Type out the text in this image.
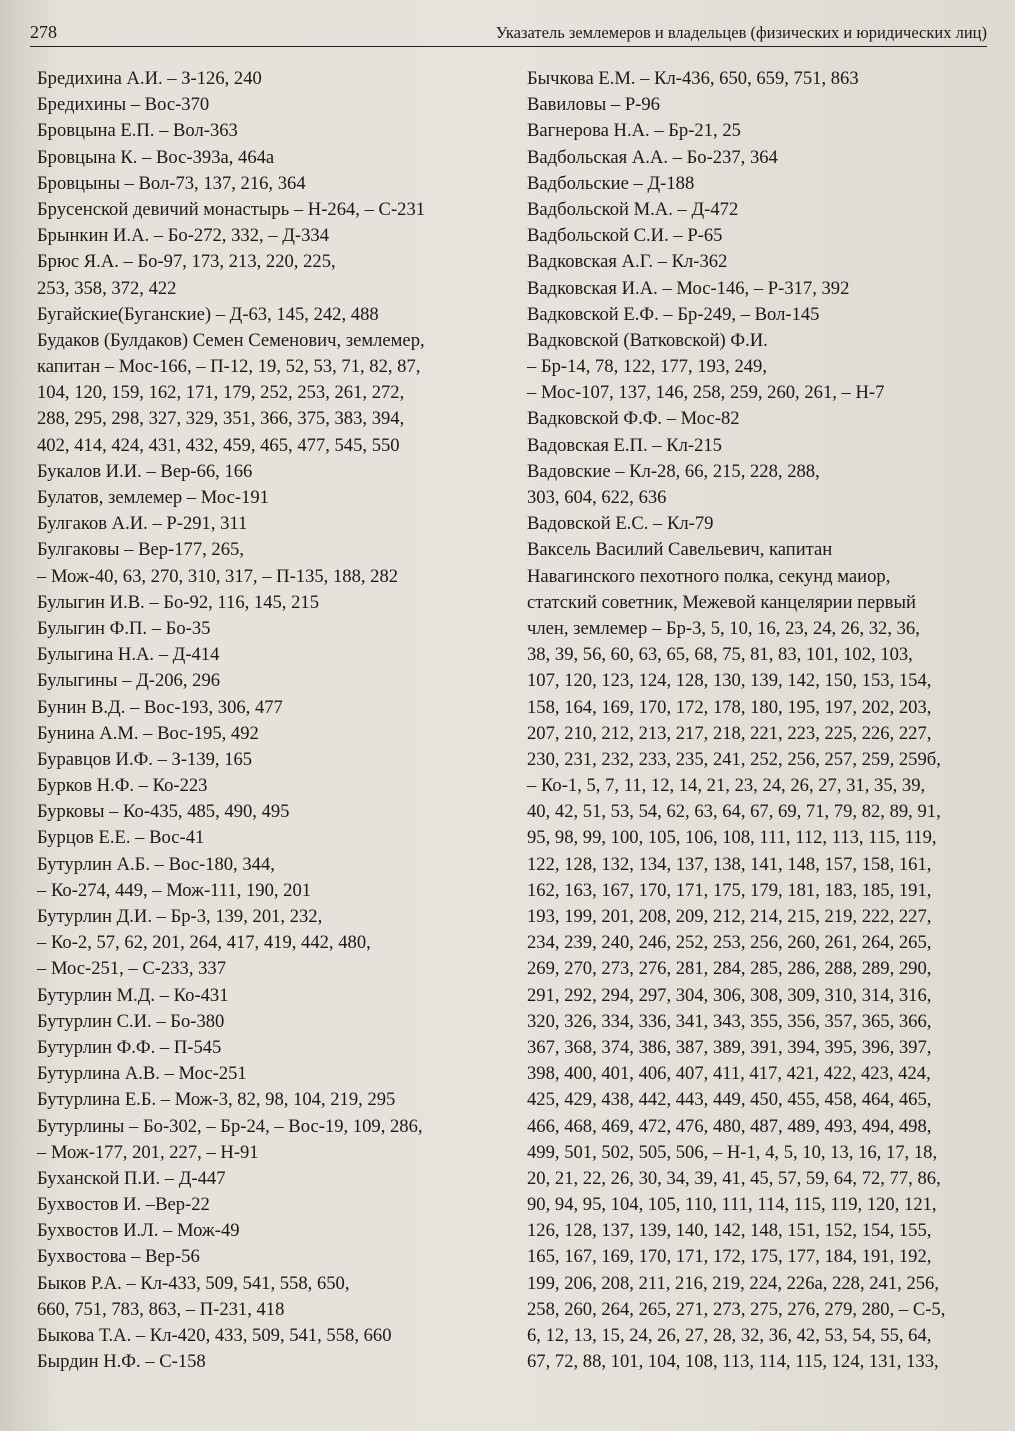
278	Указатель землемеров и владельцев (физических и юридических лиц)
Бредихина А.И. – З-126, 240
Бредихины – Вос-370
Бровцына Е.П. – Вол-363
Бровцына К. – Вос-393а, 464а
Бровцыны – Вол-73, 137, 216, 364
Брусенской девичий монастырь – Н-264, – С-231
Брынкин И.А. – Бо-272, 332, – Д-334
Брюс Я.А. – Бо-97, 173, 213, 220, 225,
253, 358, 372, 422
Бугайские(Буганские) – Д-63, 145, 242, 488
Будаков (Булдаков) Семен Семенович, землемер,
капитан – Мос-166, – П-12, 19, 52, 53, 71, 82, 87,
104, 120, 159, 162, 171, 179, 252, 253, 261, 272,
288, 295, 298, 327, 329, 351, 366, 375, 383, 394,
402, 414, 424, 431, 432, 459, 465, 477, 545, 550
Букалов И.И. – Вер-66, 166
Булатов, землемер – Мос-191
Булгаков А.И. – Р-291, 311
Булгаковы – Вер-177, 265,
– Мож-40, 63, 270, 310, 317, – П-135, 188, 282
Булыгин И.В. – Бо-92, 116, 145, 215
Булыгин Ф.П. – Бо-35
Булыгина Н.А. – Д-414
Булыгины – Д-206, 296
Бунин В.Д. – Вос-193, 306, 477
Бунина А.М. – Вос-195, 492
Буравцов И.Ф. – З-139, 165
Бурков Н.Ф. – Ко-223
Бурковы – Ко-435, 485, 490, 495
Бурцов Е.Е. – Вос-41
Бутурлин А.Б. – Вос-180, 344,
– Ко-274, 449, – Мож-111, 190, 201
Бутурлин Д.И. – Бр-3, 139, 201, 232,
– Ко-2, 57, 62, 201, 264, 417, 419, 442, 480,
– Мос-251, – С-233, 337
Бутурлин М.Д. – Ко-431
Бутурлин С.И. – Бо-380
Бутурлин Ф.Ф. – П-545
Бутурлина А.В. – Мос-251
Бутурлина Е.Б. – Мож-3, 82, 98, 104, 219, 295
Бутурлины – Бо-302, – Бр-24, – Вос-19, 109, 286,
– Мож-177, 201, 227, – Н-91
Буханской П.И. – Д-447
Бухвостов И. –Вер-22
Бухвостов И.Л. – Мож-49
Бухвостова – Вер-56
Быков Р.А. – Кл-433, 509, 541, 558, 650,
660, 751, 783, 863, – П-231, 418
Быкова Т.А. – Кл-420, 433, 509, 541, 558, 660
Бырдин Н.Ф. – С-158
Бычкова Е.М. – Кл-436, 650, 659, 751, 863
Вавиловы – Р-96
Вагнерова Н.А. – Бр-21, 25
Вадбольская А.А. – Бо-237, 364
Вадбольские – Д-188
Вадбольской М.А. – Д-472
Вадбольской С.И. – Р-65
Вадковская А.Г. – Кл-362
Вадковская И.А. – Мос-146, – Р-317, 392
Вадковской Е.Ф. – Бр-249, – Вол-145
Вадковской (Ватковской) Ф.И.
– Бр-14, 78, 122, 177, 193, 249,
– Мос-107, 137, 146, 258, 259, 260, 261, – Н-7
Вадковской Ф.Ф. – Мос-82
Вадовская Е.П. – Кл-215
Вадовские – Кл-28, 66, 215, 228, 288,
303, 604, 622, 636
Вадовской Е.С. – Кл-79
Ваксель Василий Савельевич, капитан
Навагинского пехотного полка, секунд маиор,
статский советник, Межевой канцелярии первый
член, землемер – Бр-3, 5, 10, 16, 23, 24, 26, 32, 36,
38, 39, 56, 60, 63, 65, 68, 75, 81, 83, 101, 102, 103,
107, 120, 123, 124, 128, 130, 139, 142, 150, 153, 154,
158, 164, 169, 170, 172, 178, 180, 195, 197, 202, 203,
207, 210, 212, 213, 217, 218, 221, 223, 225, 226, 227,
230, 231, 232, 233, 235, 241, 252, 256, 257, 259, 259б,
– Ко-1, 5, 7, 11, 12, 14, 21, 23, 24, 26, 27, 31, 35, 39,
40, 42, 51, 53, 54, 62, 63, 64, 67, 69, 71, 79, 82, 89, 91,
95, 98, 99, 100, 105, 106, 108, 111, 112, 113, 115, 119,
122, 128, 132, 134, 137, 138, 141, 148, 157, 158, 161,
162, 163, 167, 170, 171, 175, 179, 181, 183, 185, 191,
193, 199, 201, 208, 209, 212, 214, 215, 219, 222, 227,
234, 239, 240, 246, 252, 253, 256, 260, 261, 264, 265,
269, 270, 273, 276, 281, 284, 285, 286, 288, 289, 290,
291, 292, 294, 297, 304, 306, 308, 309, 310, 314, 316,
320, 326, 334, 336, 341, 343, 355, 356, 357, 365, 366,
367, 368, 374, 386, 387, 389, 391, 394, 395, 396, 397,
398, 400, 401, 406, 407, 411, 417, 421, 422, 423, 424,
425, 429, 438, 442, 443, 449, 450, 455, 458, 464, 465,
466, 468, 469, 472, 476, 480, 487, 489, 493, 494, 498,
499, 501, 502, 505, 506, – Н-1, 4, 5, 10, 13, 16, 17, 18,
20, 21, 22, 26, 30, 34, 39, 41, 45, 57, 59, 64, 72, 77, 86,
90, 94, 95, 104, 105, 110, 111, 114, 115, 119, 120, 121,
126, 128, 137, 139, 140, 142, 148, 151, 152, 154, 155,
165, 167, 169, 170, 171, 172, 175, 177, 184, 191, 192,
199, 206, 208, 211, 216, 219, 224, 226а, 228, 241, 256,
258, 260, 264, 265, 271, 273, 275, 276, 279, 280, – С-5,
6, 12, 13, 15, 24, 26, 27, 28, 32, 36, 42, 53, 54, 55, 64,
67, 72, 88, 101, 104, 108, 113, 114, 115, 124, 131, 133,
